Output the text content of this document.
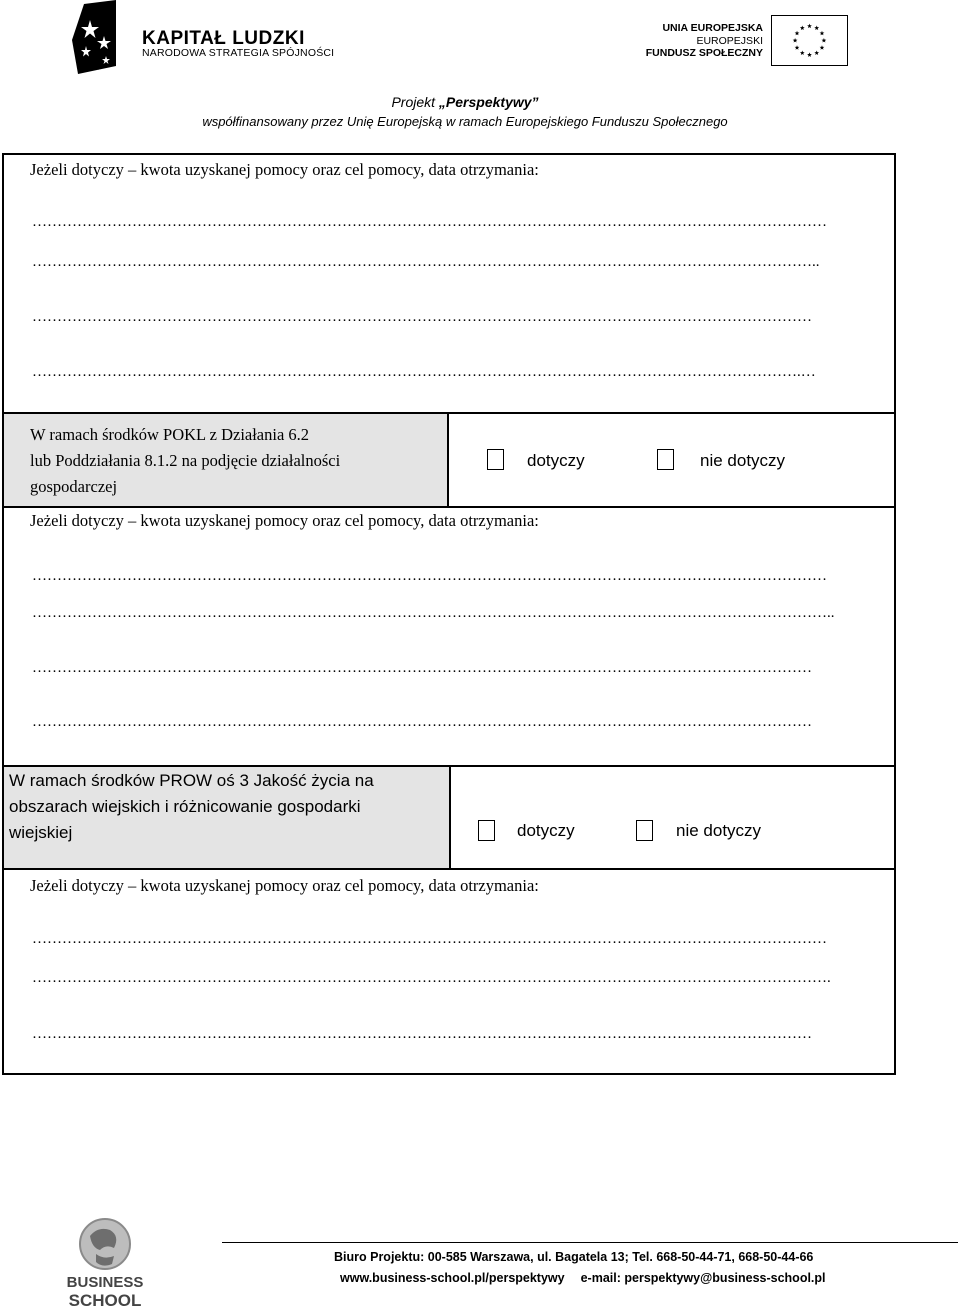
KAPITAŁ LUDZKI
NARODOWA STRATEGIA SPÓJNOŚCI
UNIA EUROPEJSKA
EUROPEJSKI
FUNDUSZ SPOŁECZNY
Projekt „Perspektywy”
współfinansowany przez Unię Europejską w ramach Europejskiego Funduszu Społecznego
Jeżeli dotyczy – kwota uzyskanej pomocy oraz cel pomocy, data otrzymania:
……………………………………………………………………………………………………………………………………………
…………………………………………………………………………………………………………………………………………..
…………………………………………………………………………………………………………………………………………
……………………………………………………………………………………………………………………………………….…
W ramach środków POKL z Działania 6.2
lub Poddziałania 8.1.2 na podjęcie działalności
gospodarczej
dotyczy	nie dotyczy
Jeżeli dotyczy – kwota uzyskanej pomocy oraz cel pomocy, data otrzymania:
……………………………………………………………………………………………………………………………………………
……………………………………………………………………………………………………………………………………………..
…………………………………………………………………………………………………………………………………………
…………………………………………………………………………………………………………………………………………
W ramach środków PROW oś 3 Jakość życia na
obszarach wiejskich i różnicowanie gospodarki
wiejskiej	dotyczy	nie dotyczy
Jeżeli dotyczy – kwota uzyskanej pomocy oraz cel pomocy, data otrzymania:
……………………………………………………………………………………………………………………………………………
…………………………………………………………………………………………………………………………………………….
…………………………………………………………………………………………………………………………………………
BUSINESS
SCHOOL
Biuro Projektu: 00-585 Warszawa, ul. Bagatela 13; Tel. 668-50-44-71, 668-50-44-66
www.business-school.pl/perspektywy e-mail: perspektywy@business-school.pl
